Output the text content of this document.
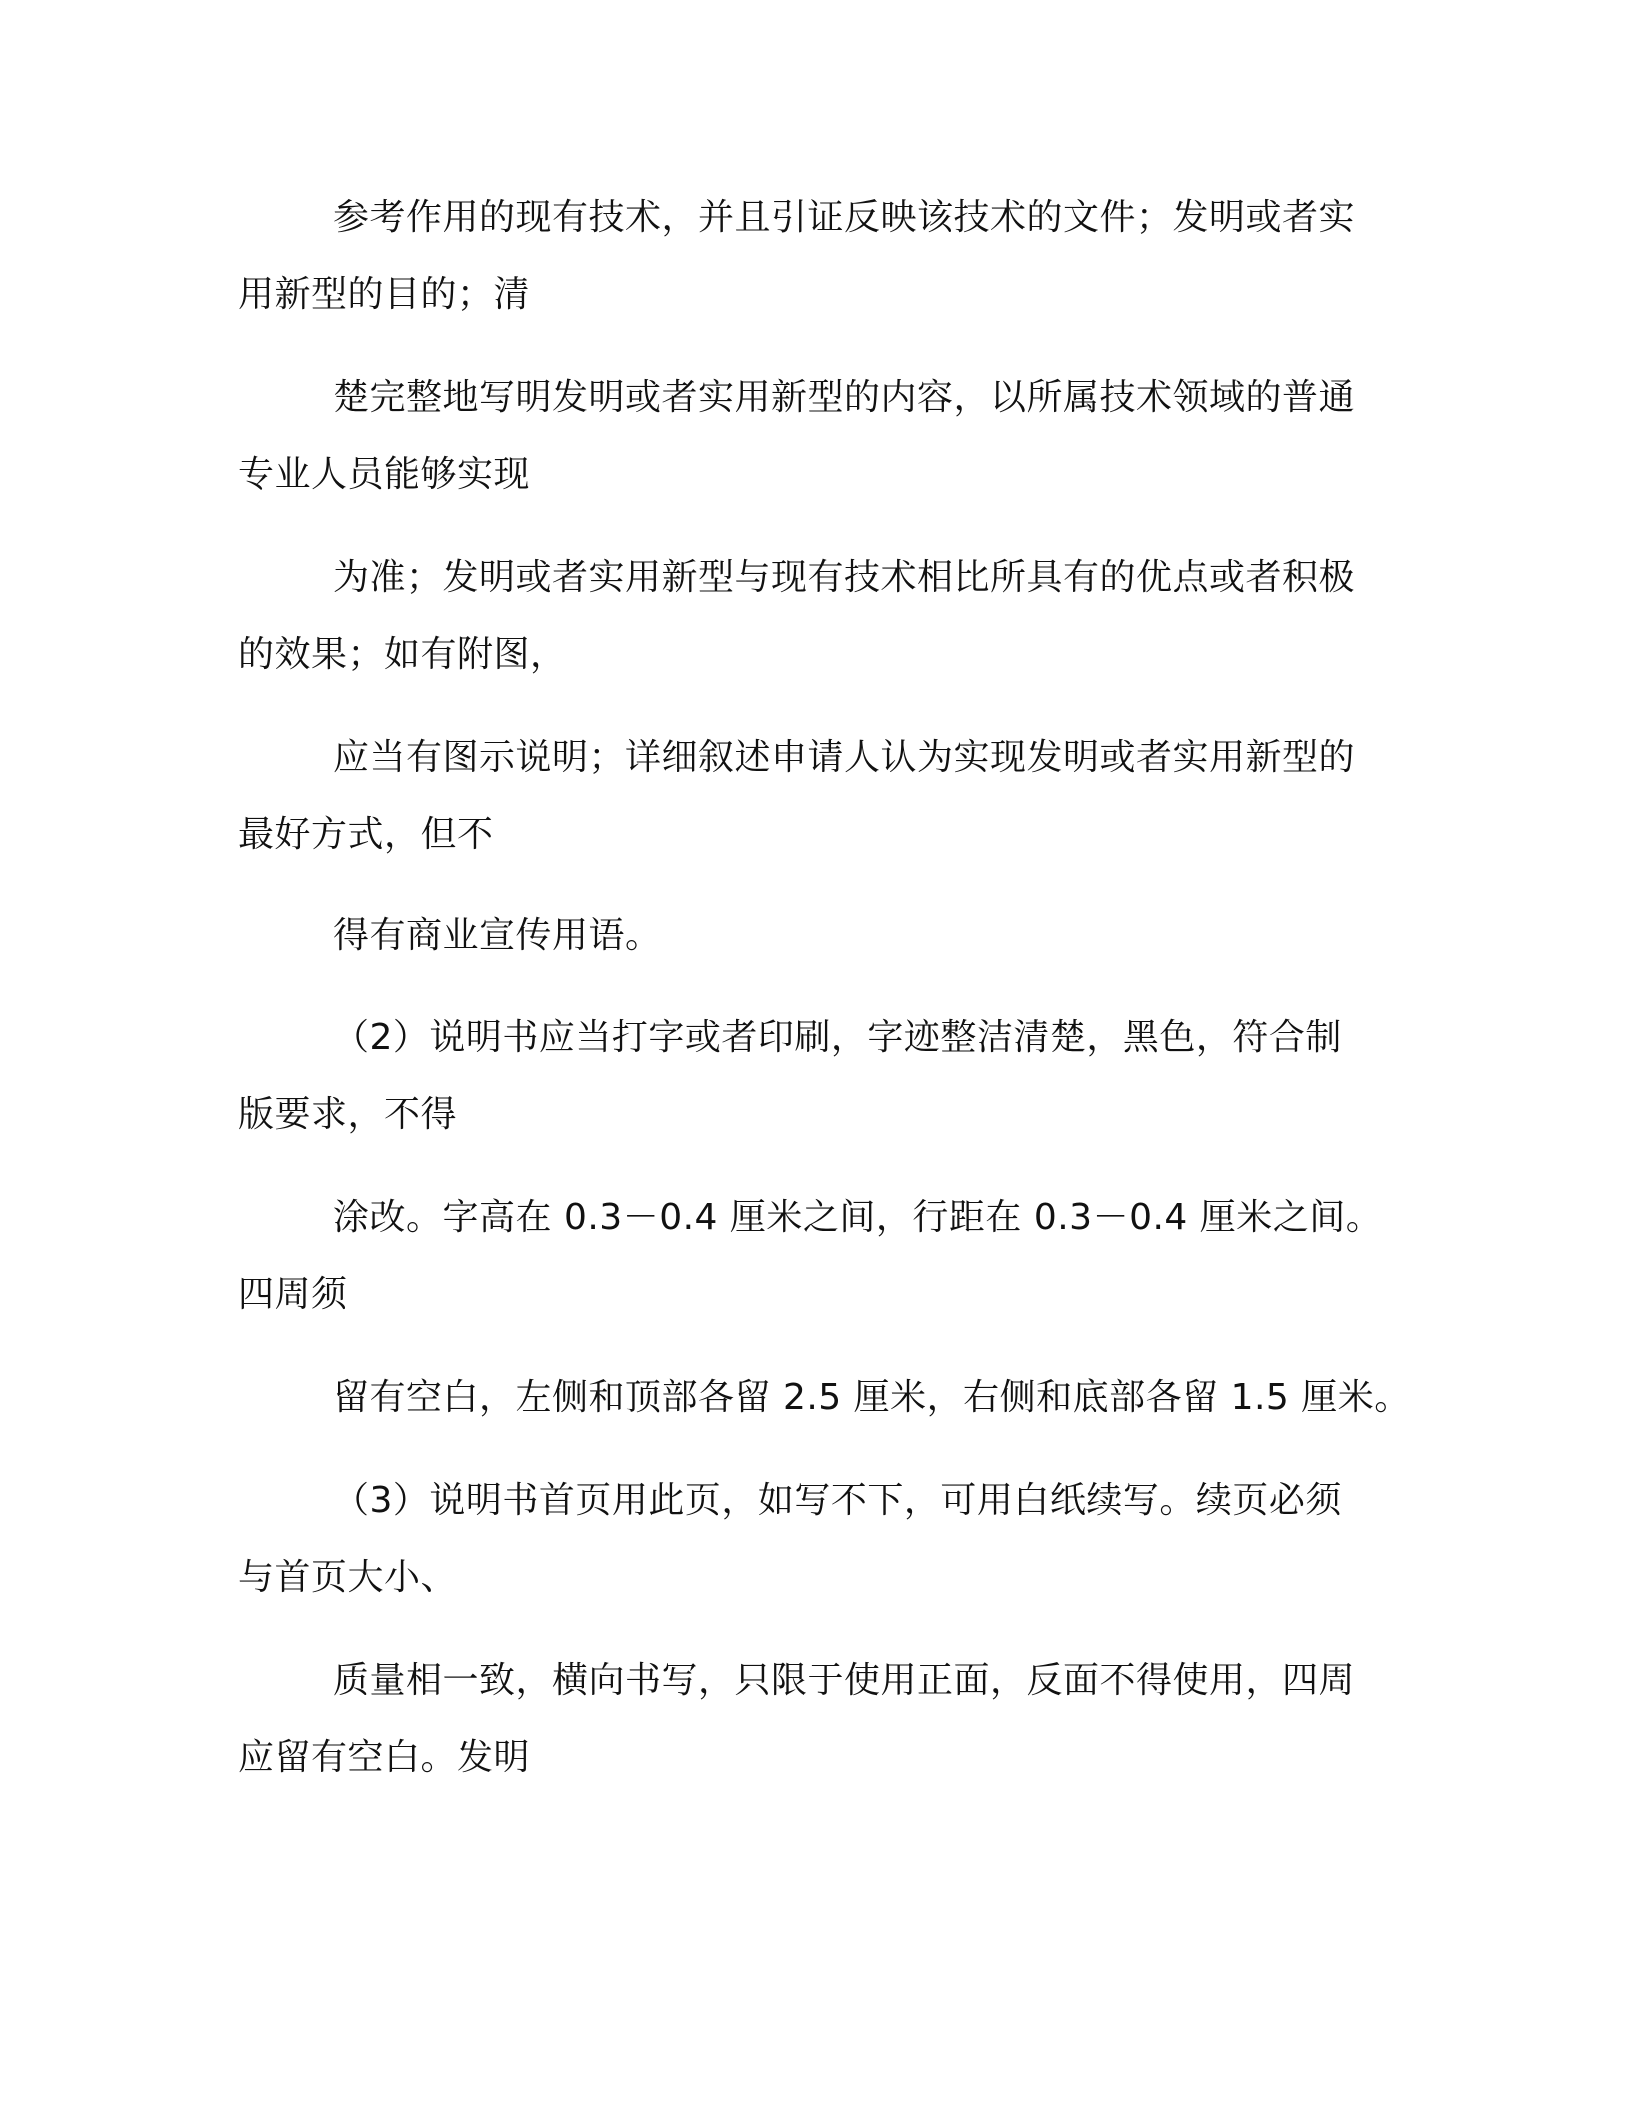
参考作用的现有技术，并且引证反映该技术的文件；发明或者实
用新型的目的；清
楚完整地写明发明或者实用新型的内容，以所属技术领域的普通
专业人员能够实现
为准；发明或者实用新型与现有技术相比所具有的优点或者积极
的效果；如有附图，
应当有图示说明；详细叙述申请人认为实现发明或者实用新型的
最好方式，但不
得有商业宣传用语。
（2）说明书应当打字或者印刷，字迹整洁清楚，黑色，符合制
版要求，不得
涂改。字高在 0.3－0.4 厘米之间，行距在 0.3－0.4 厘米之间。
四周须
留有空白，左侧和顶部各留 2.5 厘米，右侧和底部各留 1.5 厘米。
（3）说明书首页用此页，如写不下，可用白纸续写。续页必须
与首页大小、
质量相一致，横向书写，只限于使用正面，反面不得使用，四周
应留有空白。发明
